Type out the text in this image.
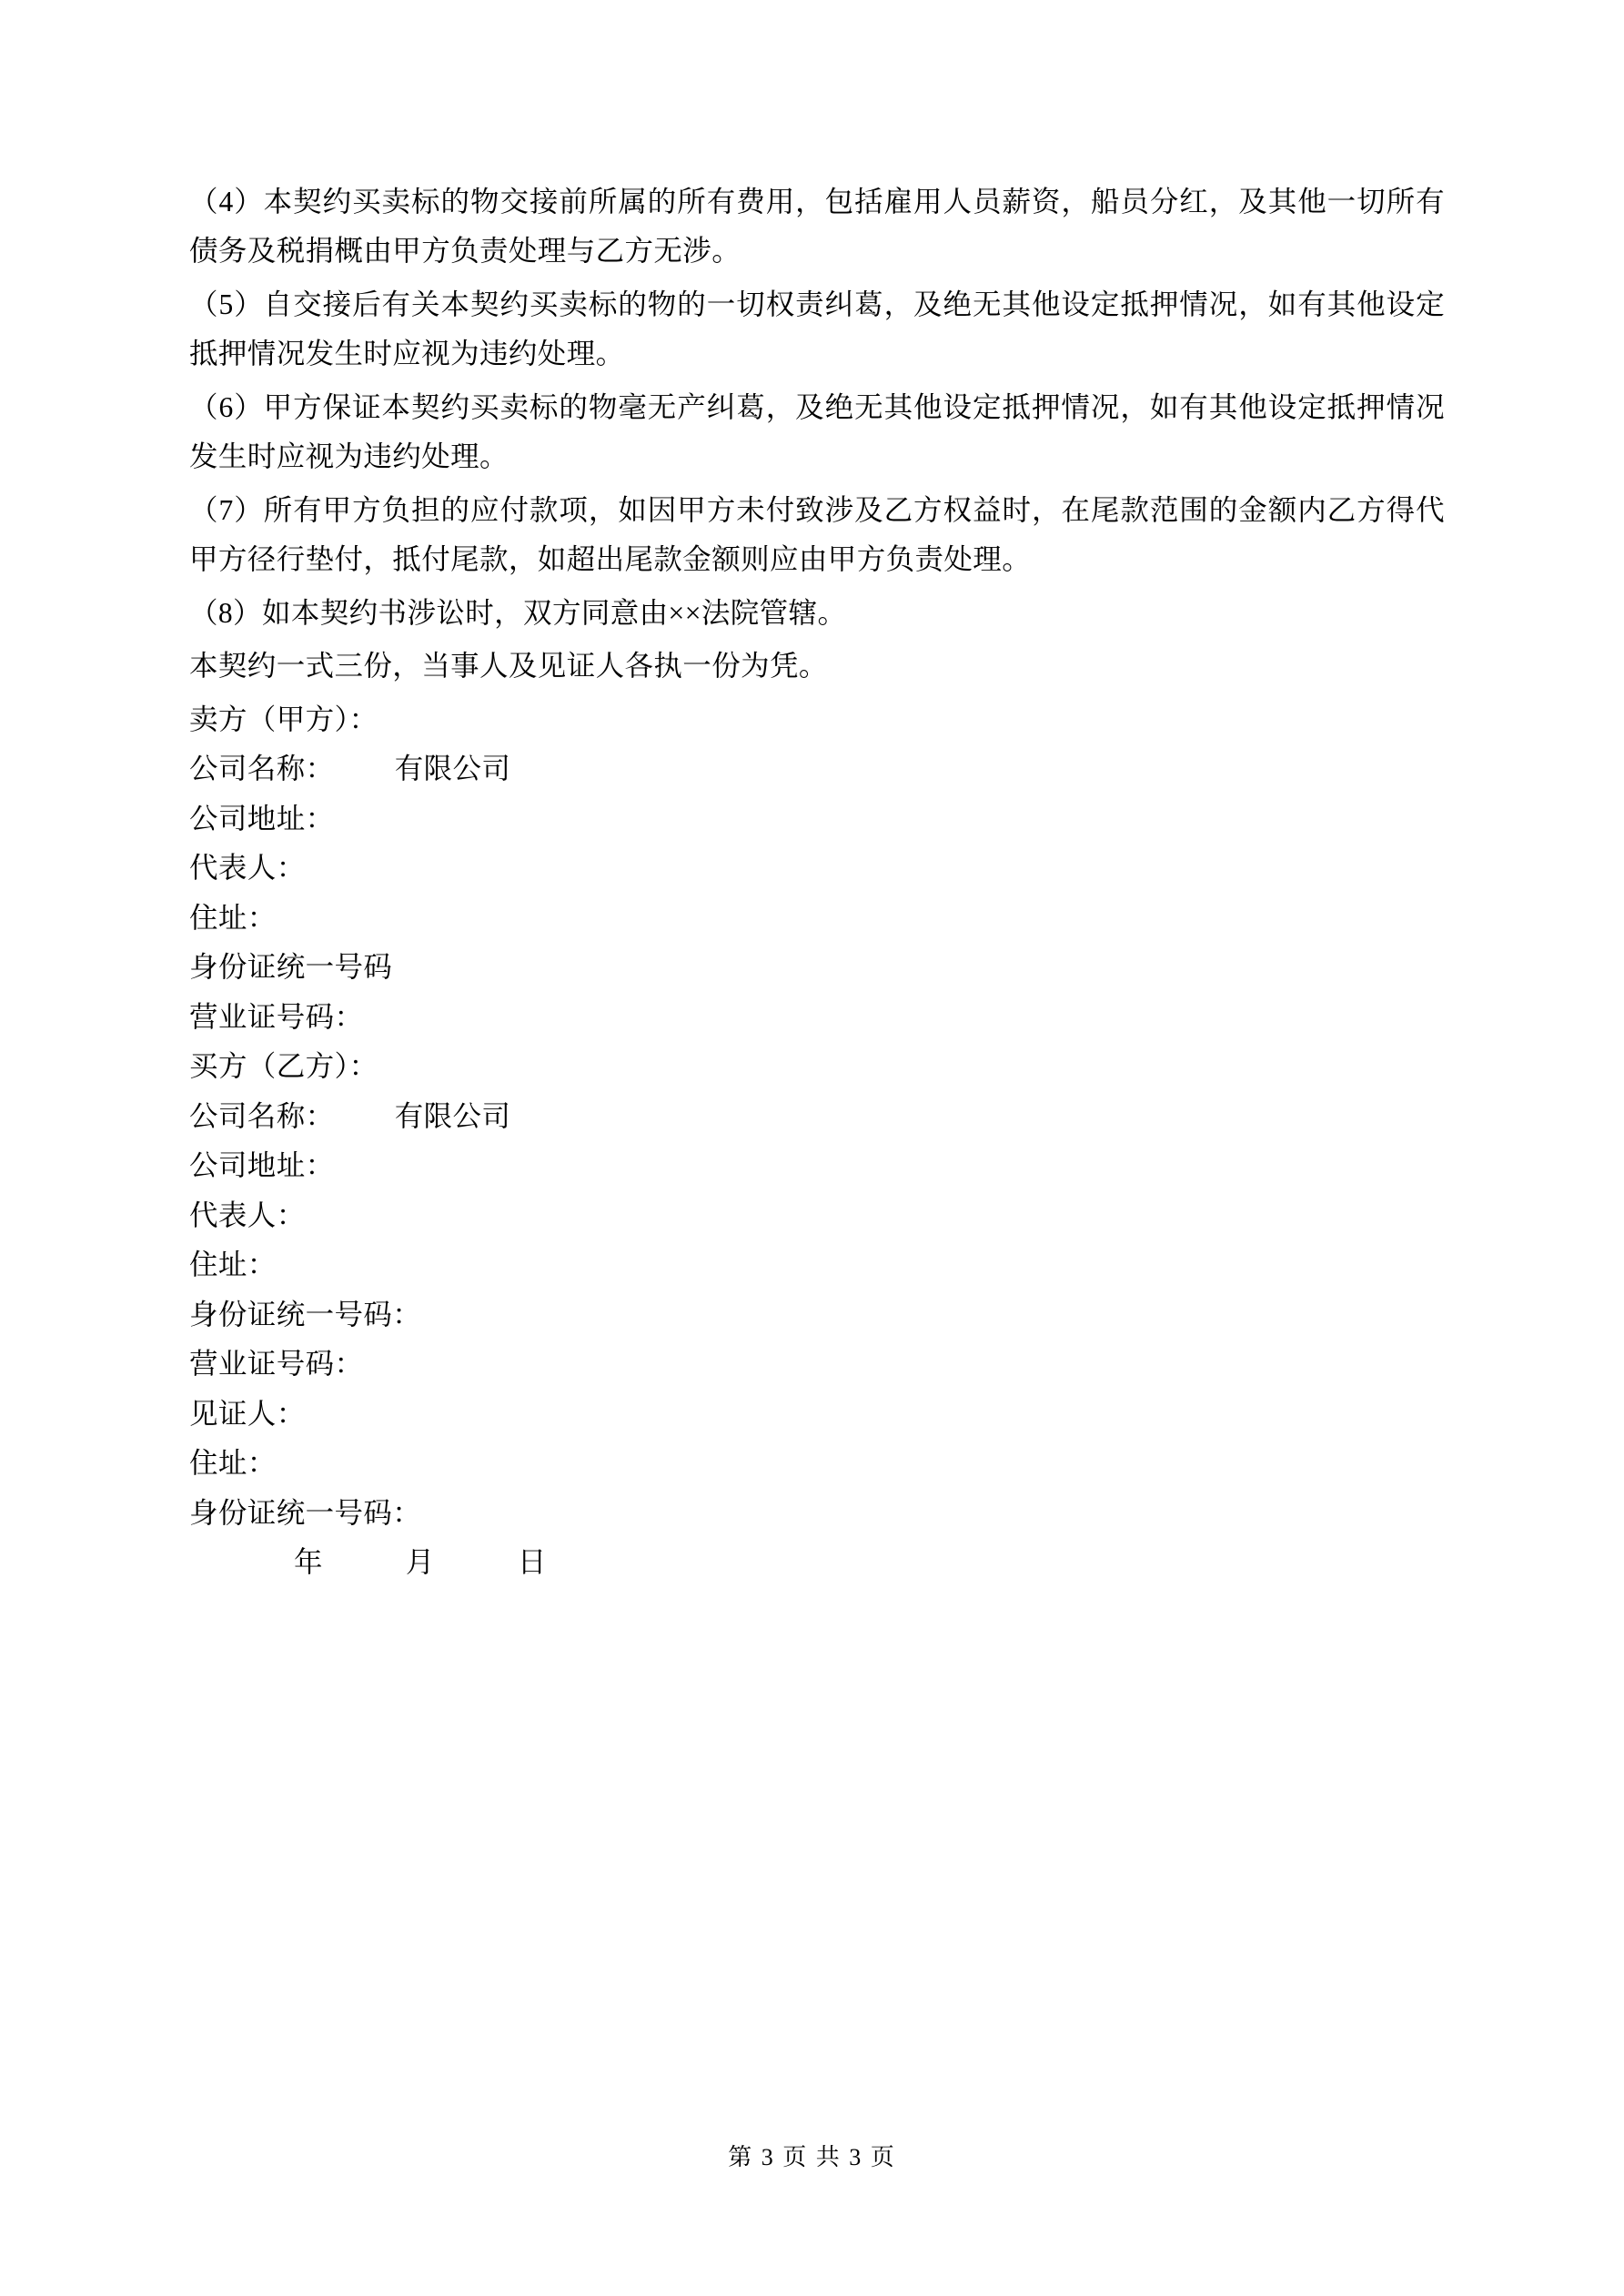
（4）本契约买卖标的物交接前所属的所有费用，包括雇用人员薪资，船员分红，及其他一切所有债务及税捐概由甲方负责处理与乙方无涉。

（5）自交接后有关本契约买卖标的物的一切权责纠葛，及绝无其他设定抵押情况，如有其他设定抵押情况发生时应视为违约处理。

（6）甲方保证本契约买卖标的物毫无产纠葛，及绝无其他设定抵押情况，如有其他设定抵押情况发生时应视为违约处理。

（7）所有甲方负担的应付款项，如因甲方未付致涉及乙方权益时，在尾款范围的金额内乙方得代甲方径行垫付，抵付尾款，如超出尾款金额则应由甲方负责处理。

（8）如本契约书涉讼时，双方同意由××法院管辖。

本契约一式三份，当事人及见证人各执一份为凭。

卖方（甲方）：

公司名称：        有限公司

公司地址：

代表人：

住址：

身份证统一号码

营业证号码：

买方（乙方）：

公司名称：        有限公司

公司地址：

代表人：

住址：

身份证统一号码：

营业证号码：

见证人：

住址：

身份证统一号码：

年           月           日

第 3 页 共 3 页
